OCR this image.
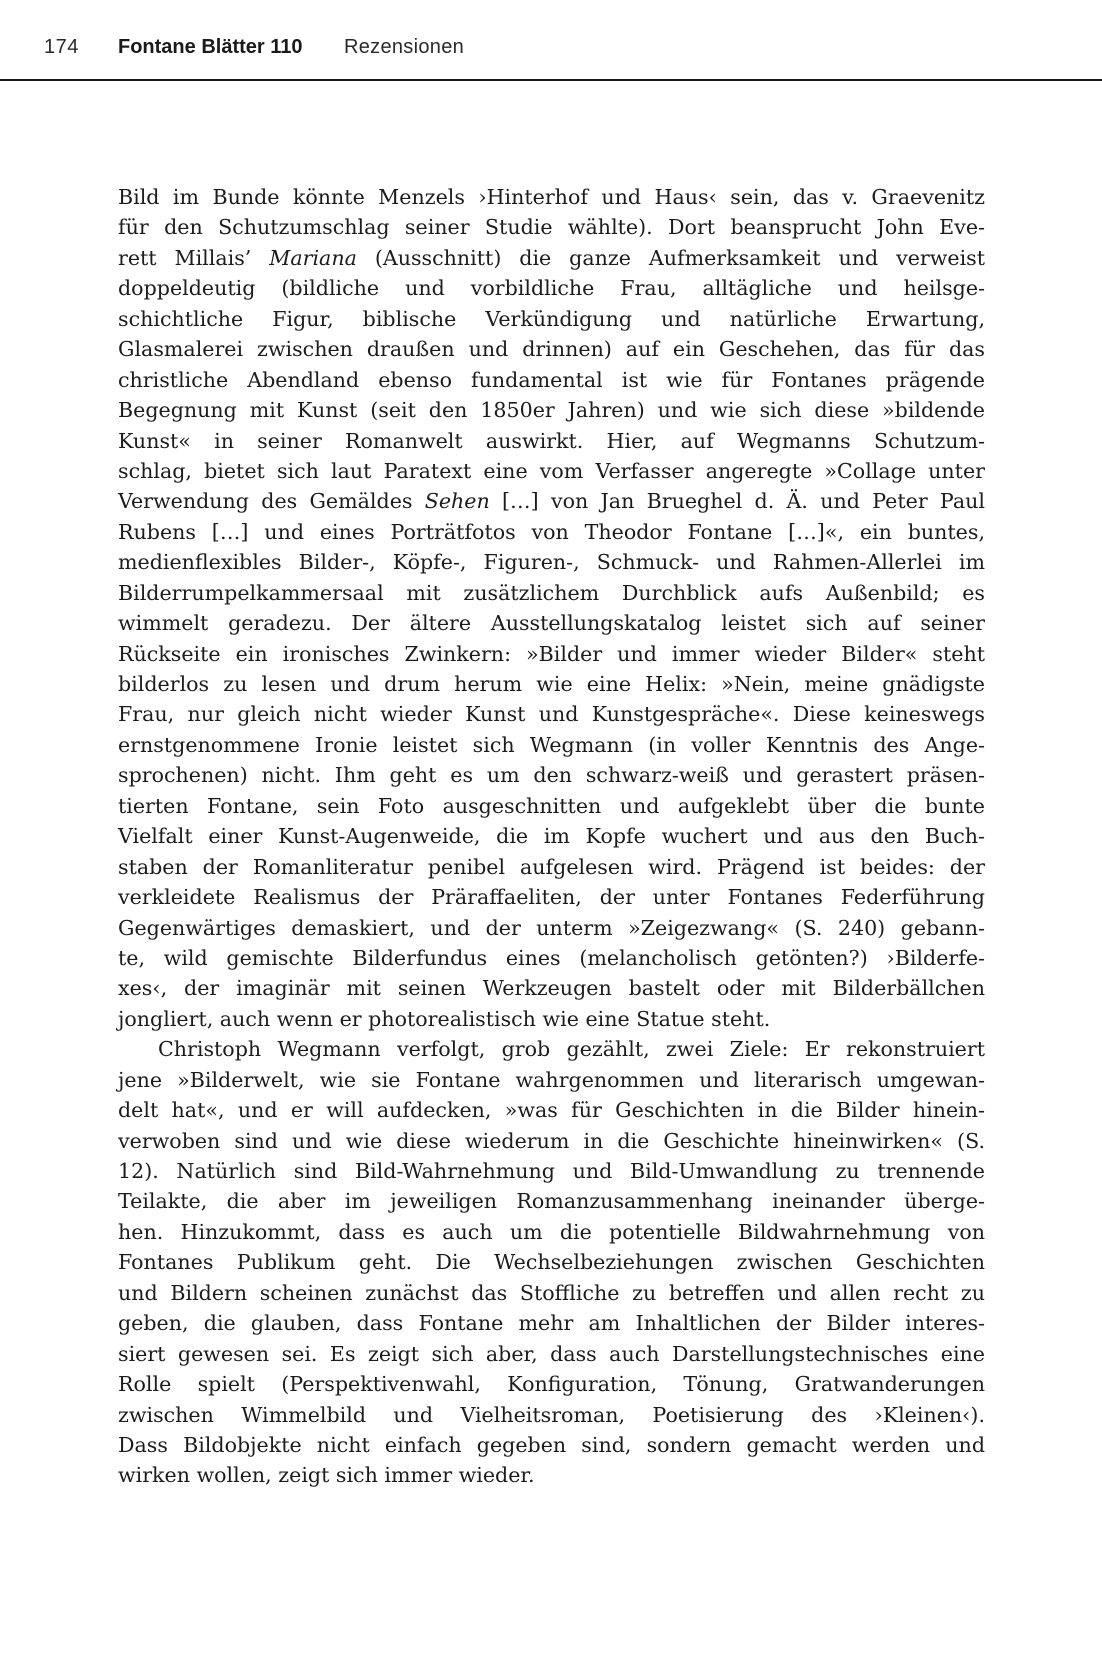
174 Fontane Blätter 110 Rezensionen
Bild im Bunde könnte Menzels ›Hinterhof und Haus‹ sein, das v. Graevenitz
für den Schutzumschlag seiner Studie wählte). Dort beansprucht John Eve-
rett Millais’ Mariana (Ausschnitt) die ganze Aufmerksamkeit und verweist
doppeldeutig (bildliche und vorbildliche Frau, alltägliche und heilsge-
schichtliche Figur, biblische Verkündigung und natürliche Erwartung,
Glasmalerei zwischen draußen und drinnen) auf ein Geschehen, das für das
christliche Abendland ebenso fundamental ist wie für Fontanes prägende
Begegnung mit Kunst (seit den 1850er Jahren) und wie sich diese »bildende
Kunst« in seiner Romanwelt auswirkt. Hier, auf Wegmanns Schutzum-
schlag, bietet sich laut Paratext eine vom Verfasser angeregte »Collage unter
Verwendung des Gemäldes Sehen […] von Jan Brueghel d. Ä. und Peter Paul
Rubens […] und eines Porträtfotos von Theodor Fontane […]«, ein buntes,
medienflexibles Bilder-, Köpfe-, Figuren-, Schmuck- und Rahmen-Allerlei im
Bilderrumpelkammersaal mit zusätzlichem Durchblick aufs Außenbild; es
wimmelt geradezu. Der ältere Ausstellungskatalog leistet sich auf seiner
Rückseite ein ironisches Zwinkern: »Bilder und immer wieder Bilder« steht
bilderlos zu lesen und drum herum wie eine Helix: »Nein, meine gnädigste
Frau, nur gleich nicht wieder Kunst und Kunstgespräche«. Diese keineswegs
ernstgenommene Ironie leistet sich Wegmann (in voller Kenntnis des Ange-
sprochenen) nicht. Ihm geht es um den schwarz-weiß und gerastert präsen-
tierten Fontane, sein Foto ausgeschnitten und aufgeklebt über die bunte
Vielfalt einer Kunst-Augenweide, die im Kopfe wuchert und aus den Buch-
staben der Romanliteratur penibel aufgelesen wird. Prägend ist beides: der
verkleidete Realismus der Präraffaeliten, der unter Fontanes Federführung
Gegenwärtiges demaskiert, und der unterm »Zeigezwang« (S. 240) gebann-
te, wild gemischte Bilderfundus eines (melancholisch getönten?) ›Bilderfe-
xes‹, der imaginär mit seinen Werkzeugen bastelt oder mit Bilderbällchen
jongliert, auch wenn er photorealistisch wie eine Statue steht.
Christoph Wegmann verfolgt, grob gezählt, zwei Ziele: Er rekonstruiert
jene »Bilderwelt, wie sie Fontane wahrgenommen und literarisch umgewan-
delt hat«, und er will aufdecken, »was für Geschichten in die Bilder hinein-
verwoben sind und wie diese wiederum in die Geschichte hineinwirken« (S.
12). Natürlich sind Bild-Wahrnehmung und Bild-Umwandlung zu trennende
Teilakte, die aber im jeweiligen Romanzusammenhang ineinander überge-
hen. Hinzukommt, dass es auch um die potentielle Bildwahrnehmung von
Fontanes Publikum geht. Die Wechselbeziehungen zwischen Geschichten
und Bildern scheinen zunächst das Stoffliche zu betreffen und allen recht zu
geben, die glauben, dass Fontane mehr am Inhaltlichen der Bilder interes-
siert gewesen sei. Es zeigt sich aber, dass auch Darstellungstechnisches eine
Rolle spielt (Perspektivenwahl, Konfiguration, Tönung, Gratwanderungen
zwischen Wimmelbild und Vielheitsroman, Poetisierung des ›Kleinen‹).
Dass Bildobjekte nicht einfach gegeben sind, sondern gemacht werden und
wirken wollen, zeigt sich immer wieder.
